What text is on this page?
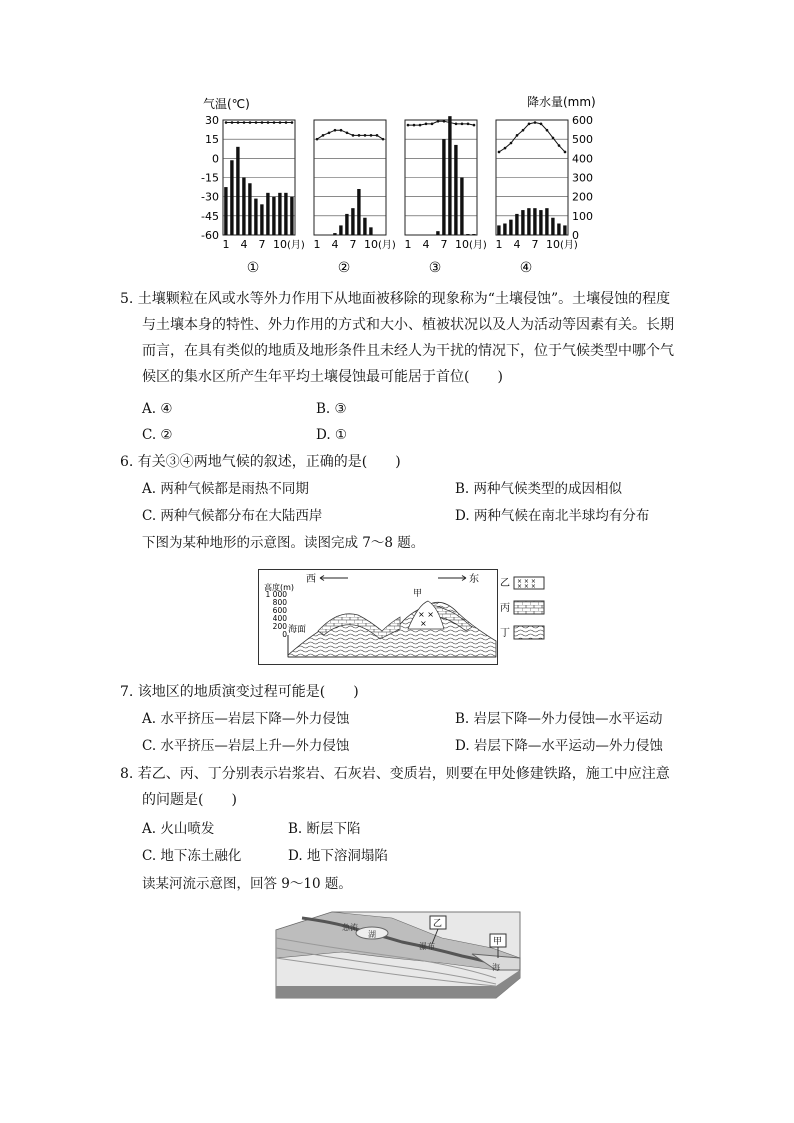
气温(℃)	降水量(mm)
30
15
0
-15
-30
-45
-60
600
500
400
300
200
100
0
1 4 7 10 (月)
①
1 4 7 10 (月)
②
1 4 7 10 (月)
③
1 4 7 10 (月)
④
5. 土壤颗粒在风或水等外力作用下从地面被移除的现象称为“土壤侵蚀”。土壤侵蚀的程度
与土壤本身的特性、外力作用的方式和大小、植被状况以及人为活动等因素有关。长期
而言，在具有类似的地质及地形条件且未经人为干扰的情况下，位于气候类型中哪个气
候区的集水区所产生年平均土壤侵蚀最可能居于首位(　　)
A. ④	B. ③
C. ②	D. ①
6. 有关③④两地气候的叙述，正确的是(　　)
A. 两种气候都是雨热不同期	B. 两种气候类型的成因相似
C. 两种气候都分布在大陆西岸	D. 两种气候在南北半球均有分布
下图为某种地形的示意图。读图完成 7～8 题。
西	东
高度(m)
1 000
800
600
400
200
0
× ×
×
海面
甲
乙 × × ×
× × ×
丙
丁
7. 该地区的地质演变过程可能是(　　)
A. 水平挤压—岩层下降—外力侵蚀	B. 岩层下降—外力侵蚀—水平运动
C. 水平挤压—岩层上升—外力侵蚀	D. 岩层下降—水平运动—外力侵蚀
8. 若乙、丙、丁分别表示岩浆岩、石灰岩、变质岩，则要在甲处修建铁路，施工中应注意
的问题是(　　)
A. 火山喷发	B. 断层下陷
C. 地下冻土融化	D. 地下溶洞塌陷
读某河流示意图，回答 9～10 题。
急流
湖
乙
瀑布	甲
海
